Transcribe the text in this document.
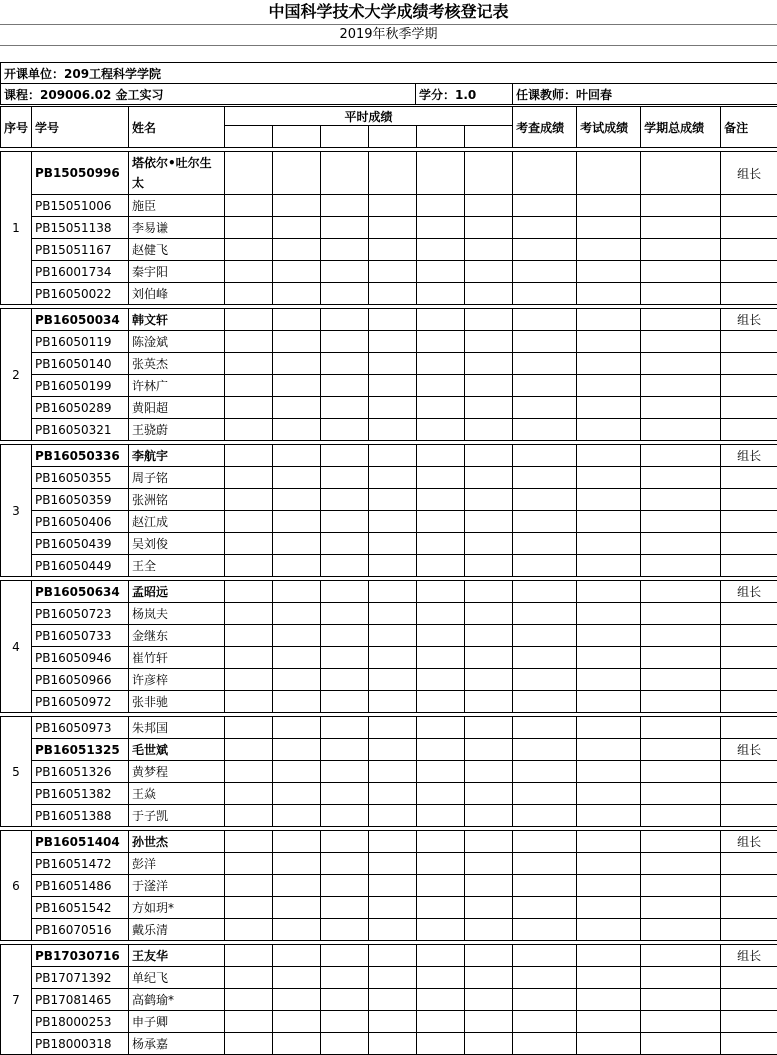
中国科学技术大学成绩考核登记表
2019年秋季学期
开课单位：209工程科学学院
课程：209006.02 金工实习	学分：1.0	任课教师：叶回春
序号	学号	姓名	平时成绩						考查成绩	考试成绩	学期总成绩	备注

1	PB15050996	塔依尔•吐尔生太										组长
	PB15051006	施臣										
	PB15051138	李易谦										
	PB15051167	赵健飞										
	PB16001734	秦宇阳										
	PB16050022	刘伯峰										

2	PB16050034	韩文轩										组长
	PB16050119	陈淦斌										
	PB16050140	张英杰										
	PB16050199	许林广										
	PB16050289	黄阳超										
	PB16050321	王骁蔚										

3	PB16050336	李航宇										组长
	PB16050355	周子铭										
	PB16050359	张洲铭										
	PB16050406	赵江成										
	PB16050439	吴刘俊										
	PB16050449	王全										

4	PB16050634	孟昭远										组长
	PB16050723	杨岚夫										
	PB16050733	金继东										
	PB16050946	崔竹轩										
	PB16050966	许彦梓										
	PB16050972	张非驰										

5	PB16050973	朱邦国										
	PB16051325	毛世斌										组长
	PB16051326	黄梦程										
	PB16051382	王焱										
	PB16051388	于子凯										

6	PB16051404	孙世杰										组长
	PB16051472	彭洋										
	PB16051486	于滏洋										
	PB16051542	方如玥*										
	PB16070516	戴乐清										

7	PB17030716	王友华										组长
	PB17071392	单纪飞										
	PB17081465	高鹤瑜*										
	PB18000253	申子卿										
	PB18000318	杨承嘉										
